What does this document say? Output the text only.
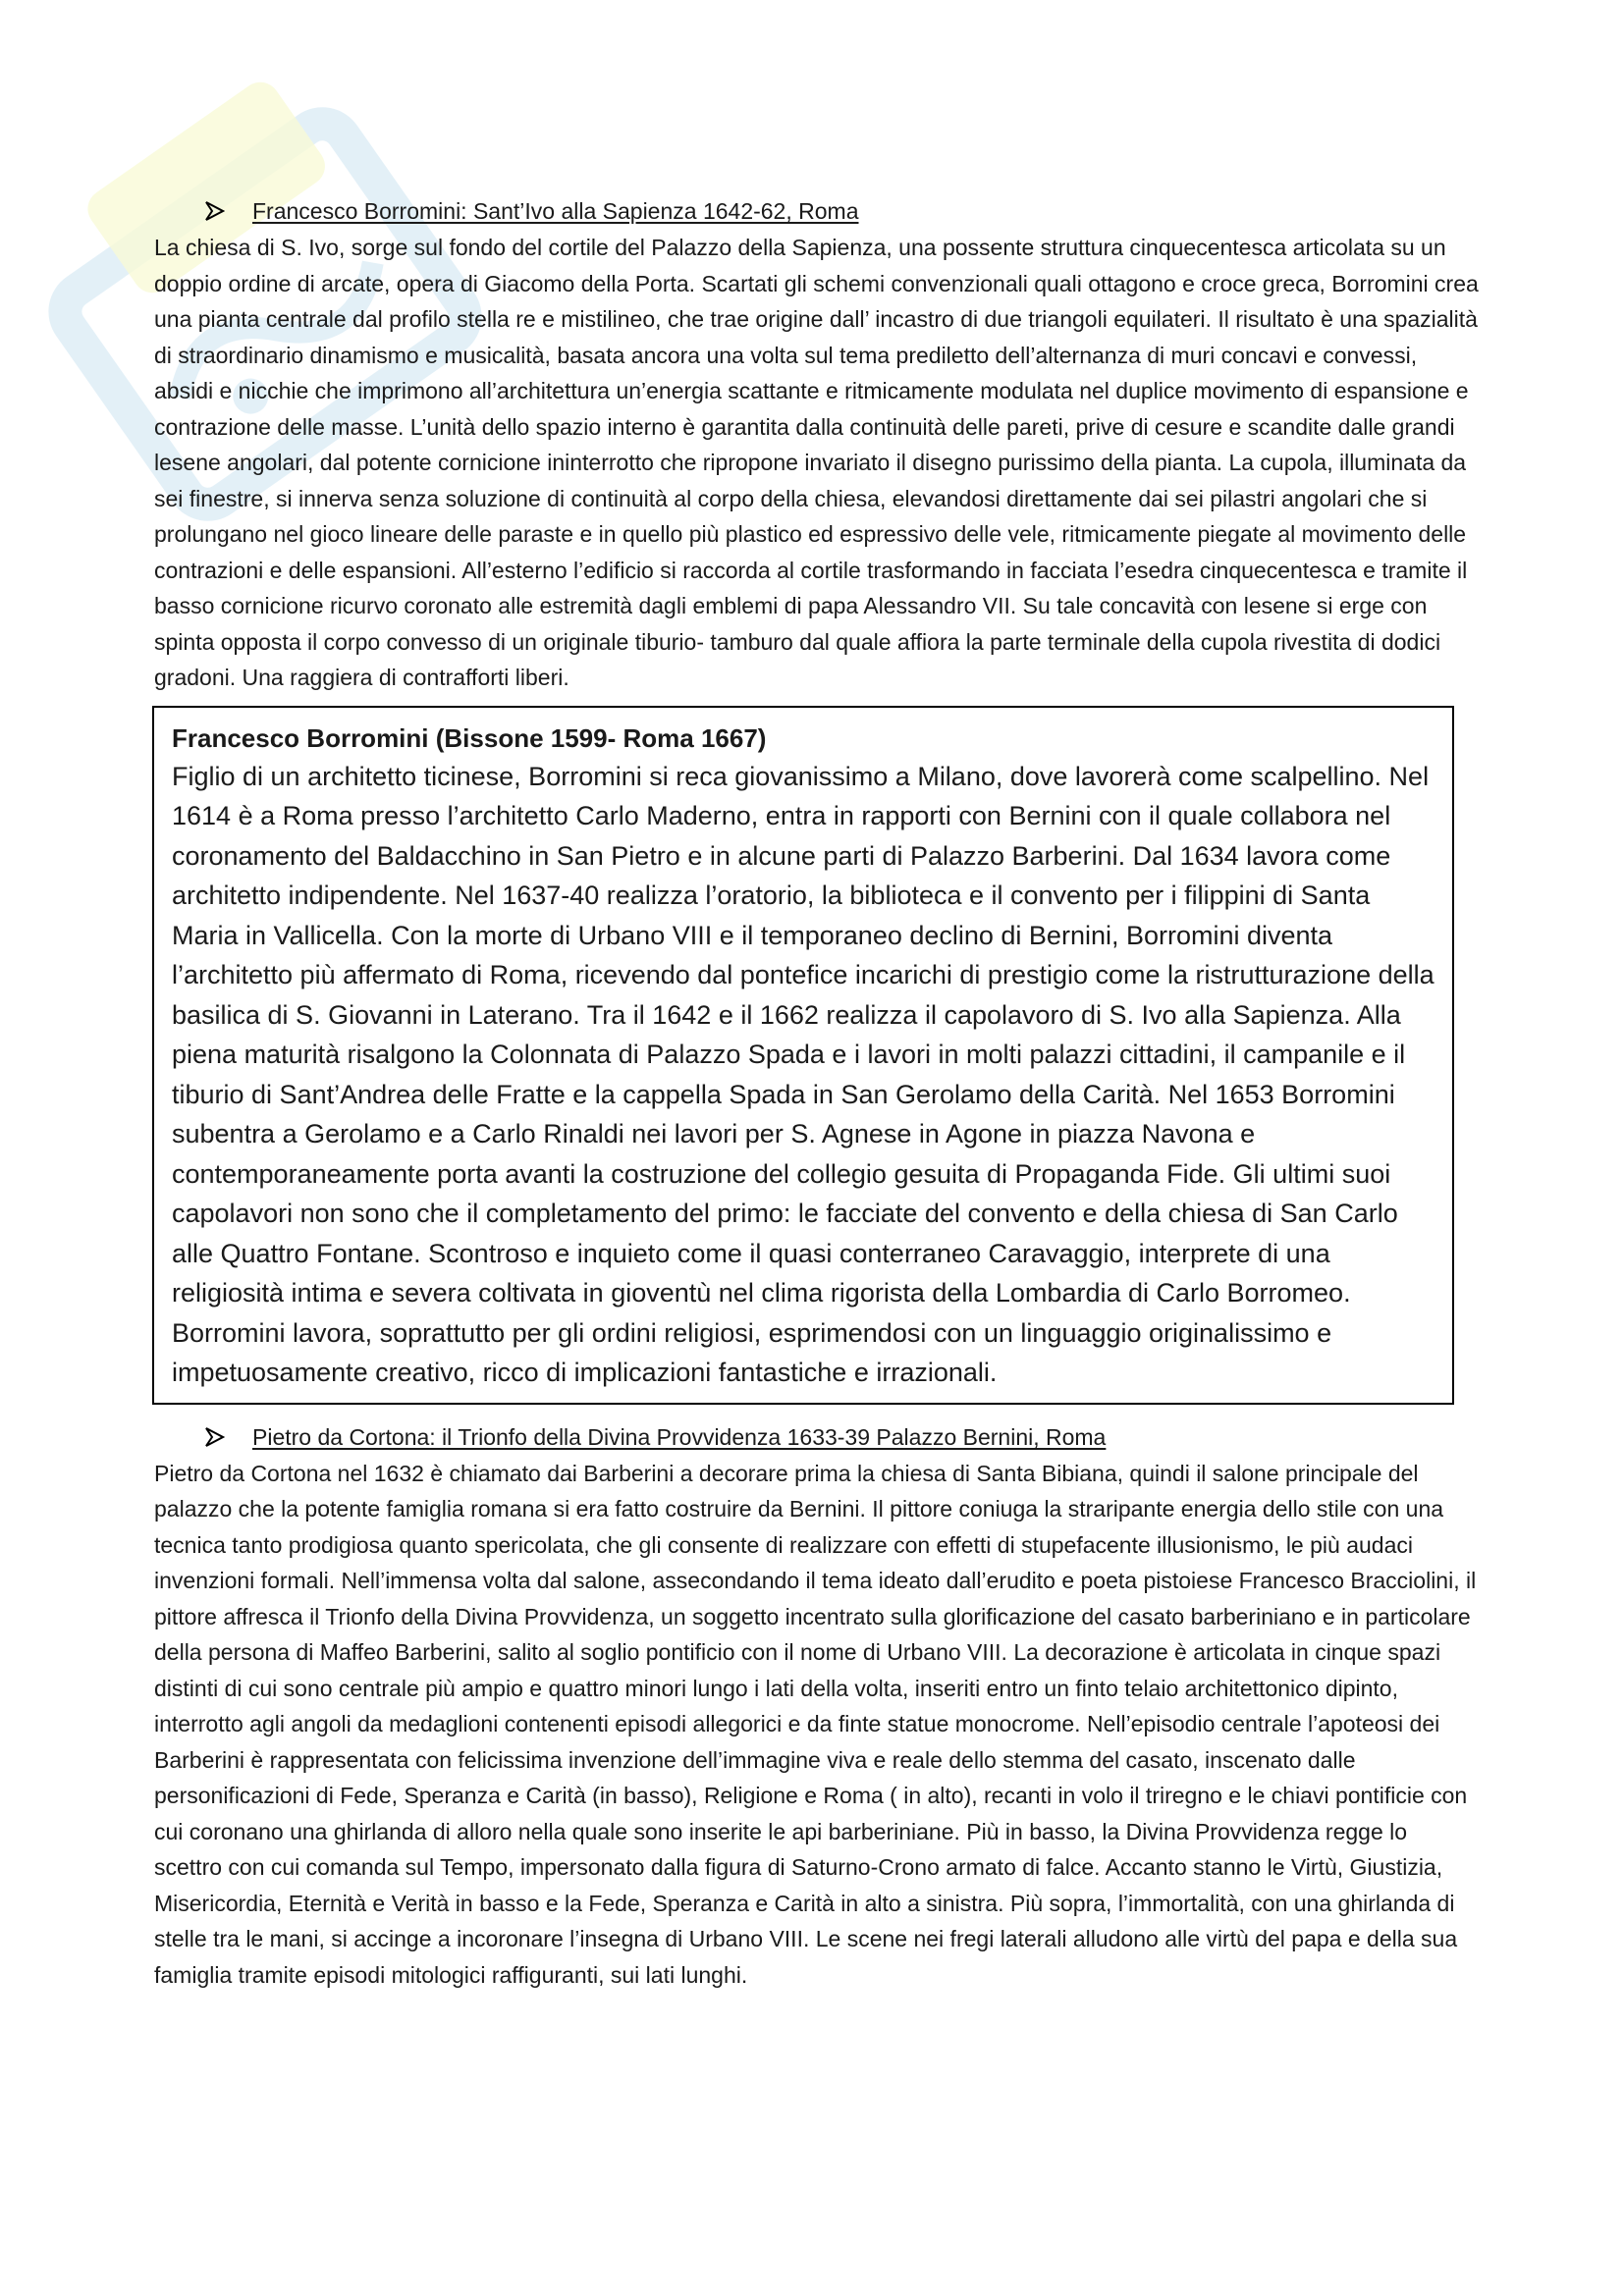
Francesco Borromini: Sant’Ivo alla Sapienza 1642-62, Roma

La chiesa di S. Ivo, sorge sul fondo del cortile del Palazzo della Sapienza, una possente struttura cinquecentesca articolata su un doppio ordine di arcate, opera di Giacomo della Porta. Scartati gli schemi convenzionali quali ottagono e croce greca, Borromini crea una pianta centrale dal profilo stella re e mistilineo, che trae origine dall’ incastro di due triangoli equilateri. Il risultato è una spazialità di straordinario dinamismo e musicalità, basata ancora una volta sul tema prediletto dell’alternanza di muri concavi e convessi, absidi e nicchie che imprimono all’architettura un’energia scattante e ritmicamente modulata nel duplice movimento di espansione e contrazione delle masse. L’unità dello spazio interno è garantita dalla continuità delle pareti, prive di cesure e scandite dalle grandi lesene angolari, dal potente cornicione ininterrotto che ripropone invariato il disegno purissimo della pianta. La cupola, illuminata da sei finestre, si innerva senza soluzione di continuità al corpo della chiesa, elevandosi direttamente dai sei pilastri angolari che si prolungano nel gioco lineare delle paraste e in quello più plastico ed espressivo delle vele, ritmicamente piegate al movimento delle contrazioni e delle espansioni. All’esterno l’edificio si raccorda al cortile trasformando in facciata l’esedra cinquecentesca e tramite il basso cornicione ricurvo coronato alle estremità dagli emblemi di papa Alessandro VII. Su tale concavità con lesene si erge con spinta opposta il corpo convesso di un originale tiburio- tamburo dal quale affiora la parte terminale della cupola rivestita di dodici gradoni. Una raggiera di contrafforti liberi.

Francesco Borromini (Bissone 1599- Roma 1667)

Figlio di un architetto ticinese, Borromini si reca giovanissimo a Milano, dove lavorerà come scalpellino. Nel 1614 è a Roma presso l’architetto Carlo Maderno, entra in rapporti con Bernini con il quale collabora nel coronamento del Baldacchino in San Pietro e in alcune parti di Palazzo Barberini. Dal 1634 lavora come architetto indipendente. Nel 1637-40 realizza l’oratorio, la biblioteca e il convento per i filippini di Santa Maria in Vallicella. Con la morte di Urbano VIII e il temporaneo declino di Bernini, Borromini diventa l’architetto più affermato di Roma, ricevendo dal pontefice incarichi di prestigio come la ristrutturazione della basilica di S. Giovanni in Laterano. Tra il 1642 e il 1662 realizza il capolavoro di S. Ivo alla Sapienza. Alla piena maturità risalgono la Colonnata di Palazzo Spada e i lavori in molti palazzi cittadini, il campanile e il tiburio di Sant’Andrea delle Fratte e la cappella Spada in San Gerolamo della Carità. Nel 1653 Borromini subentra a Gerolamo e a Carlo Rinaldi nei lavori per S. Agnese in Agone in piazza Navona e contemporaneamente porta avanti la costruzione del collegio gesuita di Propaganda Fide. Gli ultimi suoi capolavori non sono che il completamento del primo: le facciate del convento e della chiesa di San Carlo alle Quattro Fontane. Scontroso e inquieto come il quasi conterraneo Caravaggio, interprete di una religiosità intima e severa coltivata in gioventù nel clima rigorista della Lombardia di Carlo Borromeo. Borromini lavora, soprattutto per gli ordini religiosi, esprimendosi con un linguaggio originalissimo e impetuosamente creativo, ricco di implicazioni fantastiche e irrazionali.

Pietro da Cortona: il Trionfo della Divina Provvidenza 1633-39 Palazzo Bernini, Roma

Pietro da Cortona nel 1632 è chiamato dai Barberini a decorare prima la chiesa di Santa Bibiana, quindi il salone principale del palazzo che la potente famiglia romana si era fatto costruire da Bernini. Il pittore coniuga la straripante energia dello stile con una tecnica tanto prodigiosa quanto spericolata, che gli consente di realizzare con effetti di stupefacente illusionismo, le più audaci invenzioni formali. Nell’immensa volta dal salone, assecondando il tema ideato dall’erudito e poeta pistoiese Francesco Bracciolini, il pittore affresca il Trionfo della Divina Provvidenza, un soggetto incentrato sulla glorificazione del casato barberiniano e in particolare della persona di Maffeo Barberini, salito al soglio pontificio con il nome di Urbano VIII. La decorazione è articolata in cinque spazi distinti di cui sono centrale più ampio e quattro minori lungo i lati della volta, inseriti entro un finto telaio architettonico dipinto, interrotto agli angoli da medaglioni contenenti episodi allegorici e da finte statue monocrome. Nell’episodio centrale l’apoteosi dei Barberini è rappresentata con felicissima invenzione dell’immagine viva e reale dello stemma del casato, inscenato dalle personificazioni di Fede, Speranza e Carità (in basso), Religione e Roma ( in alto), recanti in volo il triregno e le chiavi pontificie con cui coronano una ghirlanda di alloro nella quale sono inserite le api barberiniane. Più in basso, la Divina Provvidenza regge lo scettro con cui comanda sul Tempo, impersonato dalla figura di Saturno-Crono armato di falce. Accanto stanno le Virtù, Giustizia, Misericordia, Eternità e Verità in basso e la Fede, Speranza e Carità in alto a sinistra. Più sopra, l’immortalità, con una ghirlanda di stelle tra le mani, si accinge a incoronare l’insegna di Urbano VIII. Le scene nei fregi laterali alludono alle virtù del papa e della sua famiglia tramite episodi mitologici raffiguranti, sui lati lunghi.
